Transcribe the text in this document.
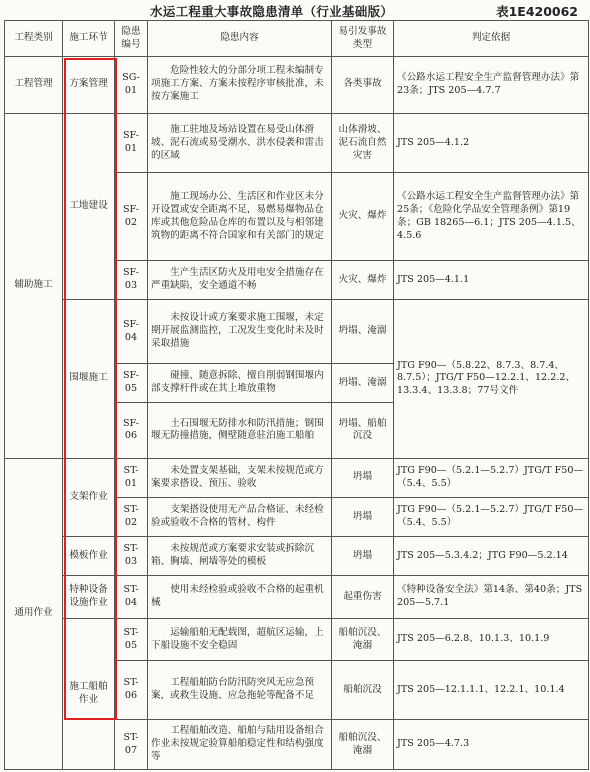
水运工程重大事故隐患清单（行业基础版）	表1E420062
工程类别	施工环节	隐患编号	隐患内容	易引发事故类型	判定依据
工程管理	方案管理	SG-01	危险性较大的分部分项工程未编制专项施工方案、方案未按程序审核批准，未按方案施工	各类事故	《公路水运工程安全生产监督管理办法》第23条；JTS 205—4.7.7
辅助施工	工地建设	SF-01	施工驻地及场站设置在易受山体滑坡、泥石流或易受潮水、洪水侵袭和雷击的区域	山体滑坡、泥石流自然灾害	JTS 205—4.1.2
		SF-02	施工现场办公、生活区和作业区未分开设置或安全距离不足，易燃易爆物品仓库或其他危险品仓库的布置以及与相邻建筑物的距离不符合国家和有关部门的规定	火灾、爆炸	《公路水运工程安全生产监督管理办法》第25条；《危险化学品安全管理条例》第19条；GB 18265—6.1；JTS 205—4.1.5、4.5.6
		SF-03	生产生活区防火及用电安全措施存在严重缺陷，安全通道不畅	火灾、爆炸	JTS 205—4.1.1
	围堰施工	SF-04	未按设计或方案要求施工围堰，未定期开展监测监控，工况发生变化时未及时采取措施	坍塌、淹溺	JTG F90—（5.8.22、8.7.3、8.7.4、8.7.5）；JTG/T F50—12.2.1、12.2.2、13.3.4、13.3.8；77号文件
		SF-05	碰撞、随意拆除、擅自削弱钢围堰内部支撑杆件或在其上堆放重物	坍塌、淹溺	
		SF-06	土石围堰无防排水和防汛措施；钢围堰无防撞措施，侧壁随意驻泊施工船舶	坍塌、船舶沉没	
通用作业	支架作业	ST-01	未处置支架基础，支架未按规范或方案要求搭设、预压、验收	坍塌	JTG F90—（5.2.1—5.2.7）JTG/T F50—（5.4、5.5）
		ST-02	支架搭设使用无产品合格证、未经检验或验收不合格的管材、构件	坍塌	JTG F90—（5.2.1—5.2.7）JTG/T F50—（5.4、5.5）
	模板作业	ST-03	未按规范或方案要求安装或拆除沉箱、胸墙、闸墙等处的模板	坍塌	JTS 205—5.3.4.2；JTG F90—5.2.14
	特种设备设施作业	ST-04	使用未经检验或验收不合格的起重机械	起重伤害	《特种设备安全法》第14条、第40条；JTS 205—5.7.1
	施工船舶作业	ST-05	运输船舶无配载图，超航区运输，上下船设施不安全稳固	船舶沉没、淹溺	JTS 205—6.2.8、10.1.3、10.1.9
		ST-06	工程船舶防台防汛防突风无应急预案，或救生设施、应急拖轮等配备不足	船舶沉没	JTS 205—12.1.1.1、12.2.1、10.1.4
		ST-07	工程船舶改造、船舶与陆用设备组合作业未按规定验算船舶稳定性和结构强度等	船舶沉没、淹溺	JTS 205—4.7.3
